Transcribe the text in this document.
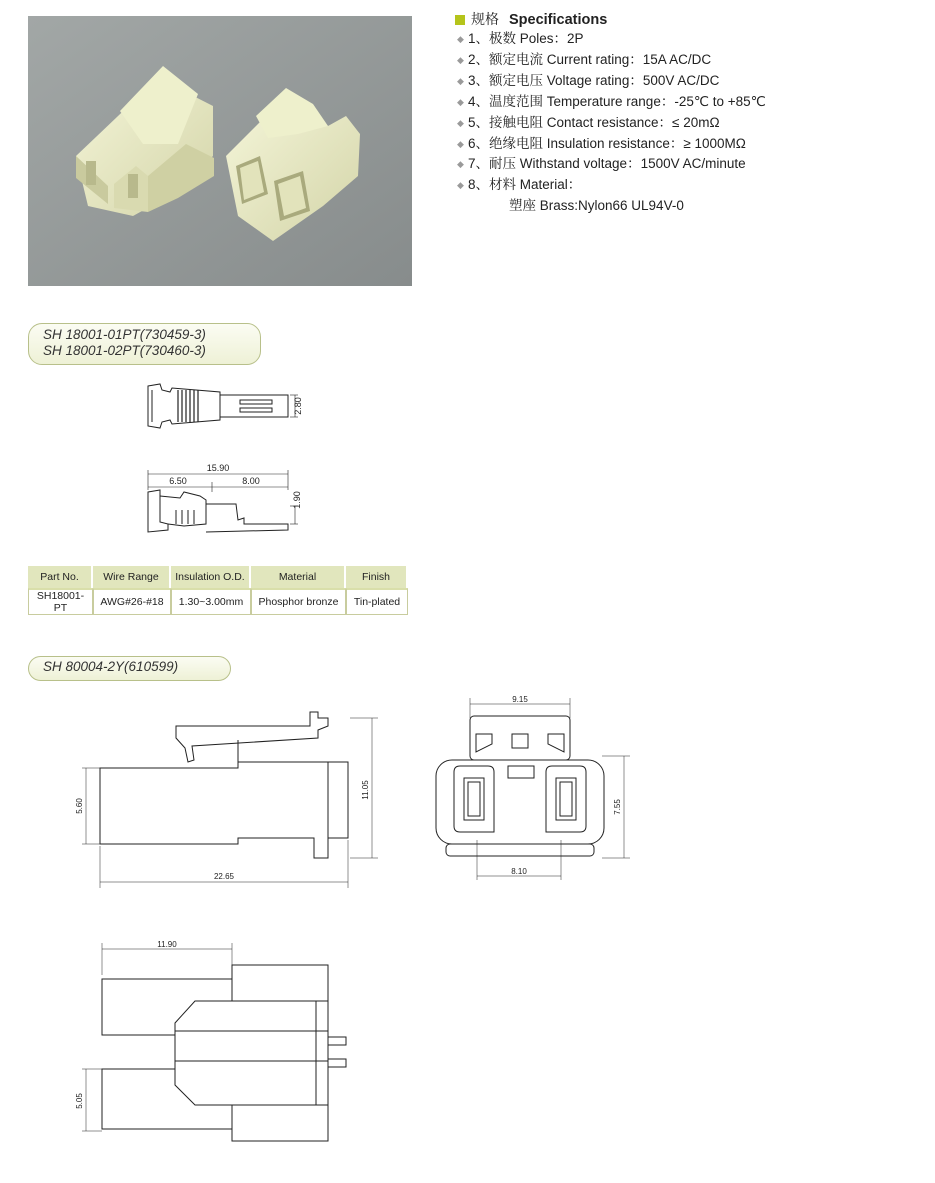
规格 Specifications
◆ 1、极数 Poles：2P
◆ 2、额定电流 Current rating：15A AC/DC
◆ 3、额定电压 Voltage rating：500V AC/DC
◆ 4、温度范围 Temperature range：-25℃ to +85℃
◆ 5、接触电阻 Contact resistance：≤ 20mΩ
◆ 6、绝缘电阻 Insulation resistance：≥ 1000MΩ
◆ 7、耐压 Withstand voltage：1500V AC/minute
◆ 8、材料 Material：
塑座 Brass:Nylon66 UL94V-0
SH 18001-01PT(730459-3)
SH 18001-02PT(730460-3)
2.80
15.90
6.50	8.00
1.90
Part No.	Wire Range	Insulation O.D.	Material	Finish
SH18001-PT	AWG#26-#18	1.30~3.00mm	Phosphor bronze	Tin-plated
SH 80004-2Y(610599)
5.60
11.05
22.65
9.15
7.55
8.10
11.90
5.05
